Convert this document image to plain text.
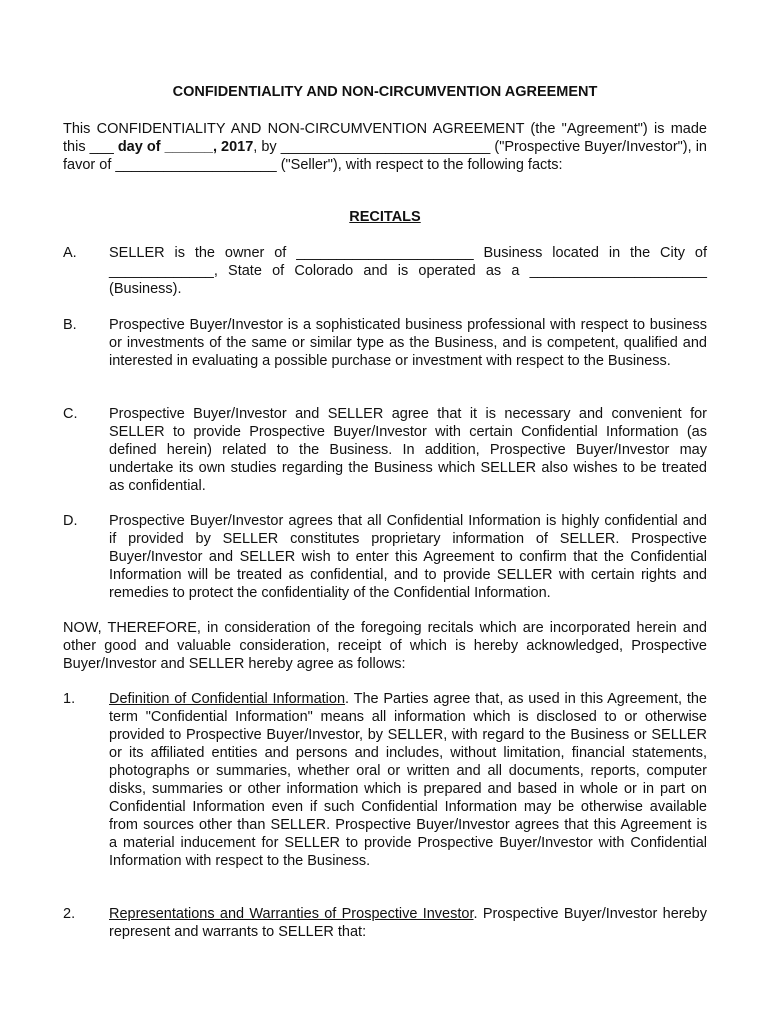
CONFIDENTIALITY AND NON-CIRCUMVENTION AGREEMENT
This CONFIDENTIALITY AND NON-CIRCUMVENTION AGREEMENT (the "Agreement") is made this ___ day of ______, 2017, by __________________________ ("Prospective Buyer/Investor"), in favor of ____________________ ("Seller"), with respect to the following facts:
RECITALS
A. SELLER is the owner of ______________________ Business located in the City of _____________, State of Colorado and is operated as a ______________________ (Business).
B. Prospective Buyer/Investor is a sophisticated business professional with respect to business or investments of the same or similar type as the Business, and is competent, qualified and interested in evaluating a possible purchase or investment with respect to the Business.
C. Prospective Buyer/Investor and SELLER agree that it is necessary and convenient for SELLER to provide Prospective Buyer/Investor with certain Confidential Information (as defined herein) related to the Business. In addition, Prospective Buyer/Investor may undertake its own studies regarding the Business which SELLER also wishes to be treated as confidential.
D. Prospective Buyer/Investor agrees that all Confidential Information is highly confidential and if provided by SELLER constitutes proprietary information of SELLER. Prospective Buyer/Investor and SELLER wish to enter this Agreement to confirm that the Confidential Information will be treated as confidential, and to provide SELLER with certain rights and remedies to protect the confidentiality of the Confidential Information.
NOW, THEREFORE, in consideration of the foregoing recitals which are incorporated herein and other good and valuable consideration, receipt of which is hereby acknowledged, Prospective Buyer/Investor and SELLER hereby agree as follows:
1. Definition of Confidential Information. The Parties agree that, as used in this Agreement, the term "Confidential Information" means all information which is disclosed to or otherwise provided to Prospective Buyer/Investor, by SELLER, with regard to the Business or SELLER or its affiliated entities and persons and includes, without limitation, financial statements, photographs or summaries, whether oral or written and all documents, reports, computer disks, summaries or other information which is prepared and based in whole or in part on Confidential Information even if such Confidential Information may be otherwise available from sources other than SELLER. Prospective Buyer/Investor agrees that this Agreement is a material inducement for SELLER to provide Prospective Buyer/Investor with Confidential Information with respect to the Business.
2. Representations and Warranties of Prospective Investor. Prospective Buyer/Investor hereby represent and warrants to SELLER that:
